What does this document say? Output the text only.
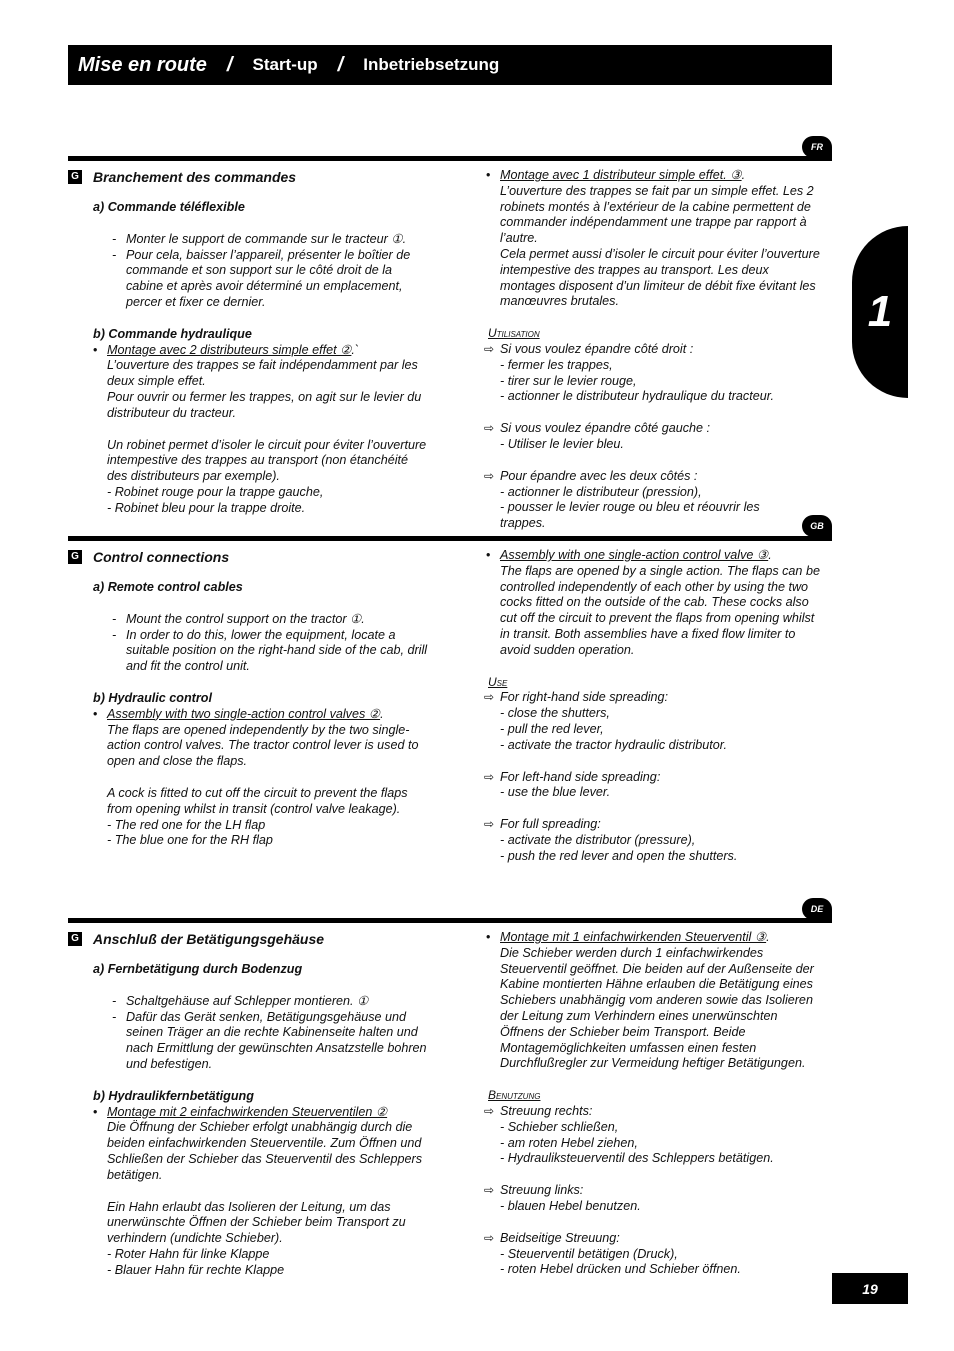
Mise en route / Start-up / Inbetriebsetzung
1
FR
G Branchement des commandes
a) Commande téléflexible
- Monter le support de commande sur le tracteur ①.
- Pour cela, baisser l’appareil, présenter le boîtier de commande et son support sur le côté droit de la cabine et après avoir déterminé un emplacement, percer et fixer ce dernier.
b) Commande hydraulique
• Montage avec 2 distributeurs simple effet ②.`
L’ouverture des trappes se fait indépendamment par les deux simple effet.
Pour ouvrir ou fermer les trappes, on agit sur le levier du distributeur du tracteur.
Un robinet permet d’isoler le circuit pour éviter l’ouverture intempestive des trappes au transport (non étanchéité des distributeurs par exemple).
- Robinet rouge pour la trappe gauche,
- Robinet bleu pour la trappe droite.
• Montage avec 1 distributeur simple effet. ③.
L’ouverture des trappes se fait par un simple effet. Les 2 robinets montés à l’extérieur de la cabine permettent de commander indépendamment une trappe par rapport à l’autre.
Cela permet aussi d’isoler le circuit pour éviter l’ouverture intempestive des trappes au transport. Les deux montages disposent d’un limiteur de débit fixe évitant les manœuvres brutales.
Utilisation
⇨ Si vous voulez épandre côté droit :
- fermer les trappes,
- tirer sur le levier rouge,
- actionner le distributeur hydraulique du tracteur.
⇨ Si vous voulez épandre côté gauche :
- Utiliser le levier bleu.
⇨ Pour épandre avec les deux côtés :
- actionner le distributeur (pression),
- pousser le levier rouge ou bleu et réouvrir les
trappes.	GB
G Control connections
a) Remote control cables
- Mount the control support on the tractor ①.
- In order to do this, lower the equipment, locate a suitable position on the right-hand side of the cab, drill and fit the control unit.
b) Hydraulic control
• Assembly with two single-action control valves ②.
The flaps are opened independently by the two single-action control valves. The tractor control lever is used to open and close the flaps.
A cock is fitted to cut off the circuit to prevent the flaps from opening whilst in transit (control valve leakage).
- The red one for the LH flap
- The blue one for the RH flap
• Assembly with one single-action control valve ③.
The flaps are opened by a single action. The flaps can be controlled independently of each other by using the two cocks fitted on the outside of the cab. These cocks also cut off the circuit to prevent the flaps from opening whilst in transit. Both assemblies have a fixed flow limiter to avoid sudden operation.
Use
⇨ For right-hand side spreading:
- close the shutters,
- pull the red lever,
- activate the tractor hydraulic distributor.
⇨ For left-hand side spreading:
- use the blue lever.
⇨ For full spreading:
- activate the distributor (pressure),
- push the red lever and open the shutters.
DE
G Anschluß der Betätigungsgehäuse
a) Fernbetätigung durch Bodenzug
- Schaltgehäuse auf Schlepper montieren. ①
- Dafür das Gerät senken, Betätigungsgehäuse und seinen Träger an die rechte Kabinenseite halten und nach Ermittlung der gewünschten Ansatzstelle bohren und befestigen.
b) Hydraulikfernbetätigung
• Montage mit 2 einfachwirkenden Steuerventilen ②
Die Öffnung der Schieber erfolgt unabhängig durch die beiden einfachwirkenden Steuerventile. Zum Öffnen und Schließen der Schieber das Steuerventil des Schleppers betätigen.
Ein Hahn erlaubt das Isolieren der Leitung, um das unerwünschte Öffnen der Schieber beim Transport zu verhindern (undichte Schieber).
- Roter Hahn für linke Klappe
- Blauer Hahn für rechte Klappe
• Montage mit 1 einfachwirkenden Steuerventil ③.
Die Schieber werden durch 1 einfachwirkendes Steuerventil geöffnet. Die beiden auf der Außenseite der Kabine montierten Hähne erlauben die Betätigung eines Schiebers unabhängig vom anderen sowie das Isolieren der Leitung zum Verhindern eines unerwünschten Öffnens der Schieber beim Transport. Beide Montagemöglichkeiten umfassen einen festen Durchflußregler zur Vermeidung heftiger Betätigungen.
Benutzung
⇨ Streuung rechts:
- Schieber schließen,
- am roten Hebel ziehen,
- Hydrauliksteuerventil des Schleppers betätigen.
⇨ Streuung links:
- blauen Hebel benutzen.
⇨ Beidseitige Streuung:
- Steuerventil betätigen (Druck),
- roten Hebel drücken und Schieber öffnen.
19
